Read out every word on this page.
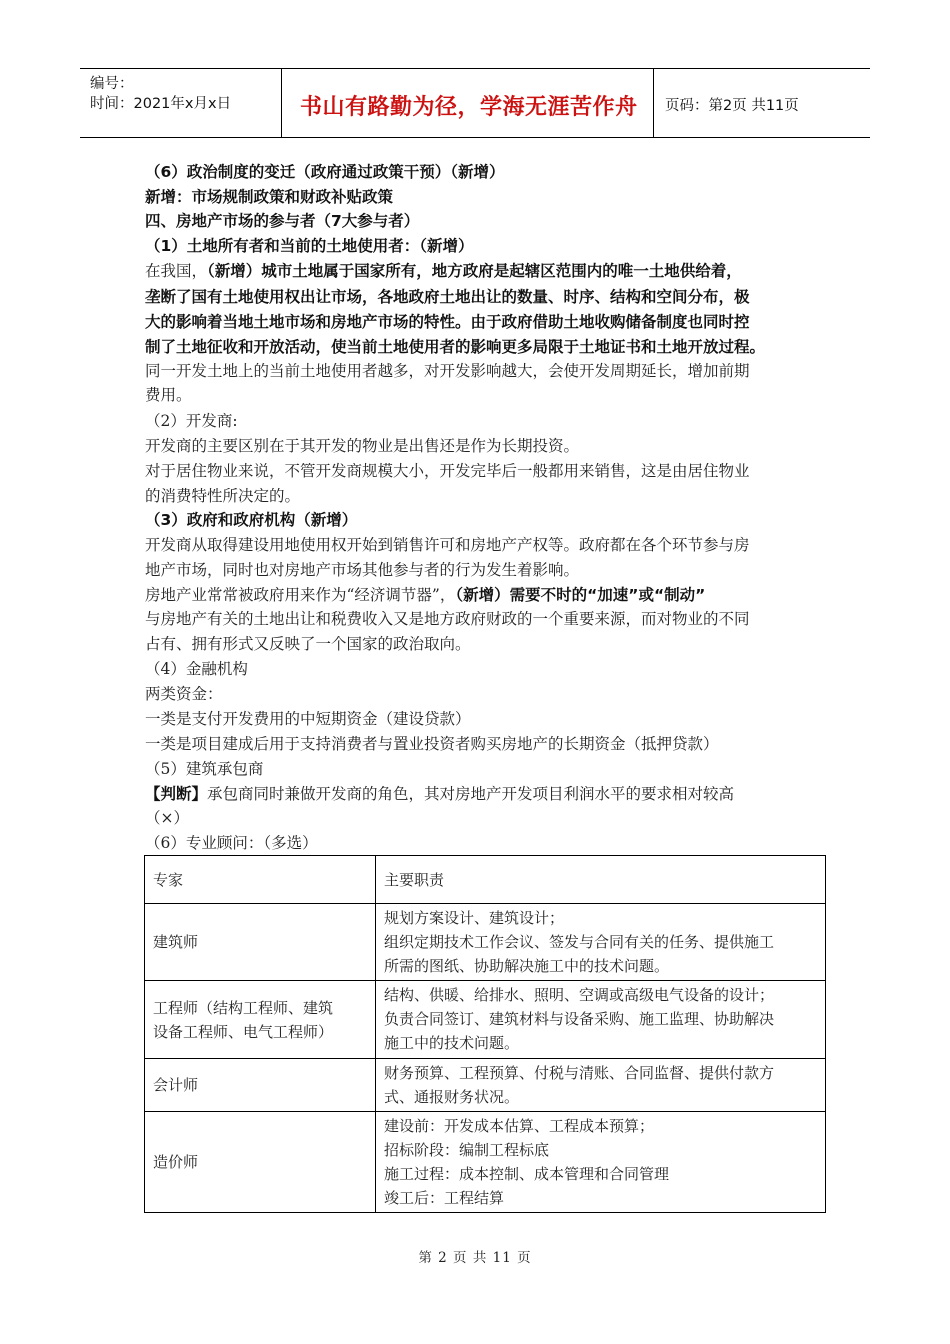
编号：
时间：2021年x月x日	书山有路勤为径，学海无涯苦作舟	页码：第2页 共11页
（6）政治制度的变迁（政府通过政策干预）（新增）
新增：市场规制政策和财政补贴政策
四、房地产市场的参与者（7大参与者）
（1）土地所有者和当前的土地使用者：（新增）
在我国，（新增）城市土地属于国家所有，地方政府是起辖区范围内的唯一土地供给着，
垄断了国有土地使用权出让市场，各地政府土地出让的数量、时序、结构和空间分布，极
大的影响着当地土地市场和房地产市场的特性。由于政府借助土地收购储备制度也同时控
制了土地征收和开放活动，使当前土地使用者的影响更多局限于土地证书和土地开放过程。
同一开发土地上的当前土地使用者越多，对开发影响越大，会使开发周期延长，增加前期
费用。
（2）开发商:
开发商的主要区别在于其开发的物业是出售还是作为长期投资。
对于居住物业来说，不管开发商规模大小，开发完毕后一般都用来销售，这是由居住物业
的消费特性所决定的。
（3）政府和政府机构（新增）
开发商从取得建设用地使用权开始到销售许可和房地产产权等。政府都在各个环节参与房
地产市场，同时也对房地产市场其他参与者的行为发生着影响。
房地产业常常被政府用来作为“经济调节器”，（新增）需要不时的“加速”或“制动”
与房地产有关的土地出让和税费收入又是地方政府财政的一个重要来源，而对物业的不同
占有、拥有形式又反映了一个国家的政治取向。
（4）金融机构
两类资金：
一类是支付开发费用的中短期资金（建设贷款）
一类是项目建成后用于支持消费者与置业投资者购买房地产的长期资金（抵押贷款）
（5）建筑承包商
【判断】承包商同时兼做开发商的角色，其对房地产开发项目利润水平的要求相对较高
（×）
（6）专业顾问：（多选）
专家	主要职责

建筑师	规划方案设计、建筑设计；
组织定期技术工作会议、签发与合同有关的任务、提供施工
所需的图纸、协助解决施工中的技术问题。

工程师（结构工程师、建筑
设备工程师、电气工程师）	结构、供暖、给排水、照明、空调或高级电气设备的设计；
负责合同签订、建筑材料与设备采购、施工监理、协助解决
施工中的技术问题。

会计师	财务预算、工程预算、付税与清账、合同监督、提供付款方
式、通报财务状况。

造价师	建设前：开发成本估算、工程成本预算；
招标阶段：编制工程标底
施工过程：成本控制、成本管理和合同管理
竣工后：工程结算
第 2 页 共 11 页
